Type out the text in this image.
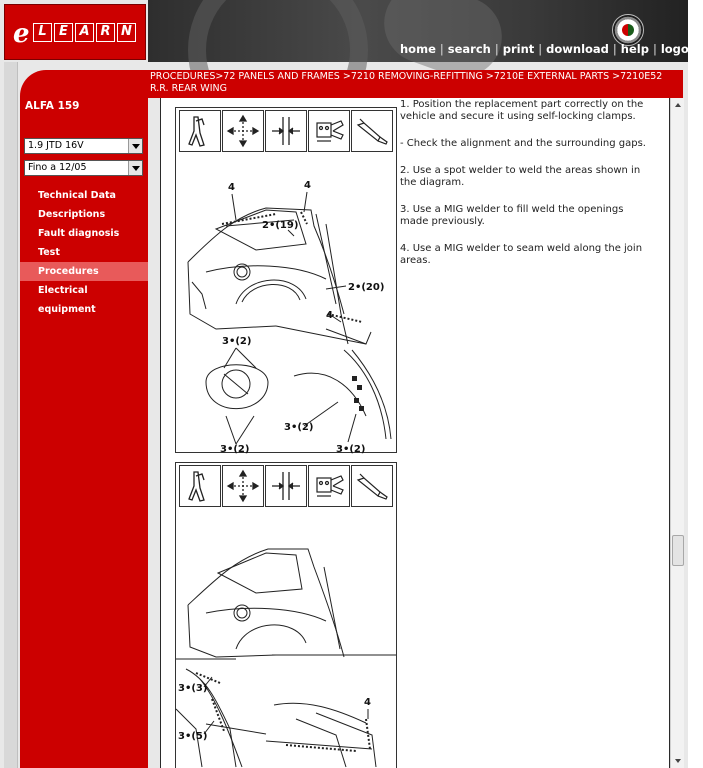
e L E A R N
home | search | print | download | help | logout
PROCEDURES>72 PANELS AND FRAMES >7210 REMOVING-REFITTING >7210E EXTERNAL PARTS >7210E52 R.R. REAR WING
ALFA 159
1.9 JTD 16V
Fino a 12/05
Technical Data
Descriptions
Fault diagnosis
Test
Procedures
Electrical equipment
4	4
2•(19)
2•(20)
4
3•(2)
3•(2)
3•(2)
3•(2)
3•(3)
3•(5)
4

1. Position the replacement part correctly on the vehicle and secure it using self-locking clamps.

- Check the alignment and the surrounding gaps.

2. Use a spot welder to weld the areas shown in the diagram.

3. Use a MIG welder to fill weld the openings made previously.

4. Use a MIG welder to seam weld along the join areas.
